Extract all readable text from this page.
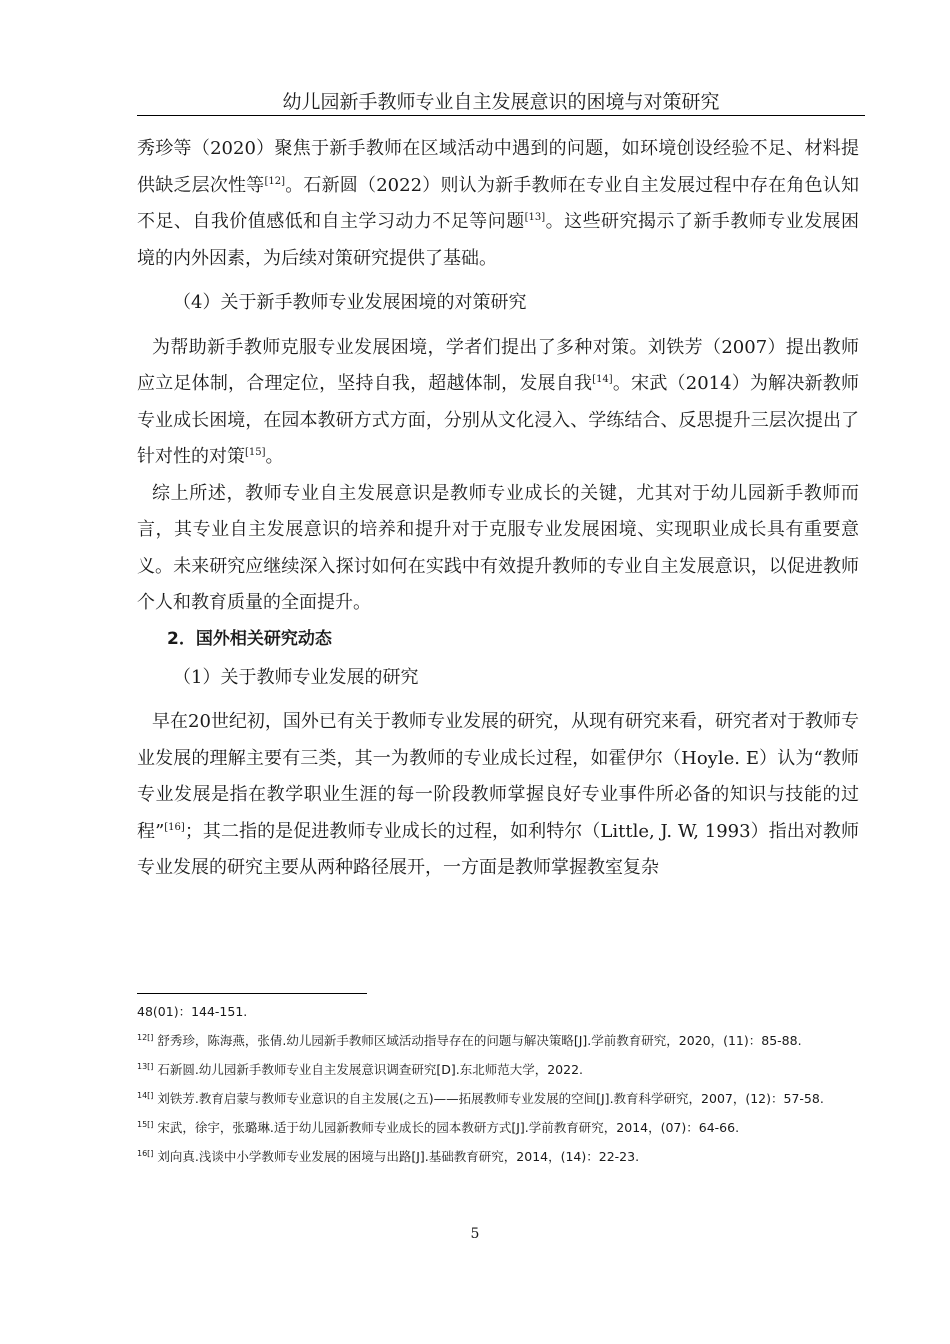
幼儿园新手教师专业自主发展意识的困境与对策研究

秀珍等（2020）聚焦于新手教师在区域活动中遇到的问题，如环境创设经验不足、材料提供缺乏层次性等[12]。石新圆（2022）则认为新手教师在专业自主发展过程中存在角色认知不足、自我价值感低和自主学习动力不足等问题[13]。这些研究揭示了新手教师专业发展困境的内外因素，为后续对策研究提供了基础。

（4）关于新手教师专业发展困境的对策研究

为帮助新手教师克服专业发展困境，学者们提出了多种对策。刘铁芳（2007）提出教师应立足体制，合理定位，坚持自我，超越体制，发展自我[14]。宋武（2014）为解决新教师专业成长困境，在园本教研方式方面，分别从文化浸入、学练结合、反思提升三层次提出了针对性的对策[15]。

综上所述，教师专业自主发展意识是教师专业成长的关键，尤其对于幼儿园新手教师而言，其专业自主发展意识的培养和提升对于克服专业发展困境、实现职业成长具有重要意义。未来研究应继续深入探讨如何在实践中有效提升教师的专业自主发展意识，以促进教师个人和教育质量的全面提升。

2．国外相关研究动态

（1）关于教师专业发展的研究

早在20世纪初，国外已有关于教师专业发展的研究，从现有研究来看，研究者对于教师专业发展的理解主要有三类，其一为教师的专业成长过程，如霍伊尔（Hoyle. E）认为“教师专业发展是指在教学职业生涯的每一阶段教师掌握良好专业事件所必备的知识与技能的过程”[16]；其二指的是促进教师专业成长的过程，如利特尔（Little, J. W, 1993）指出对教师专业发展的研究主要从两种路径展开，一方面是教师掌握教室复杂

48(01)：144-151.

$^{12[]}$ 舒秀珍，陈海燕，张倩.幼儿园新手教师区域活动指导存在的问题与解决策略[J].学前教育研究，2020，(11)：85-88.

$^{13[]}$ 石新圆.幼儿园新手教师专业自主发展意识调查研究[D].东北师范大学，2022.

$^{14[]}$ 刘铁芳.教育启蒙与教师专业意识的自主发展(之五)——拓展教师专业发展的空间[J].教育科学研究，2007，(12)：57-58.

$^{15[]}$ 宋武，徐宇，张璐琳.适于幼儿园新教师专业成长的园本教研方式[J].学前教育研究，2014，(07)：64-66.

$^{16[]}$ 刘向真.浅谈中小学教师专业发展的困境与出路[J].基础教育研究，2014，(14)：22-23.

5
